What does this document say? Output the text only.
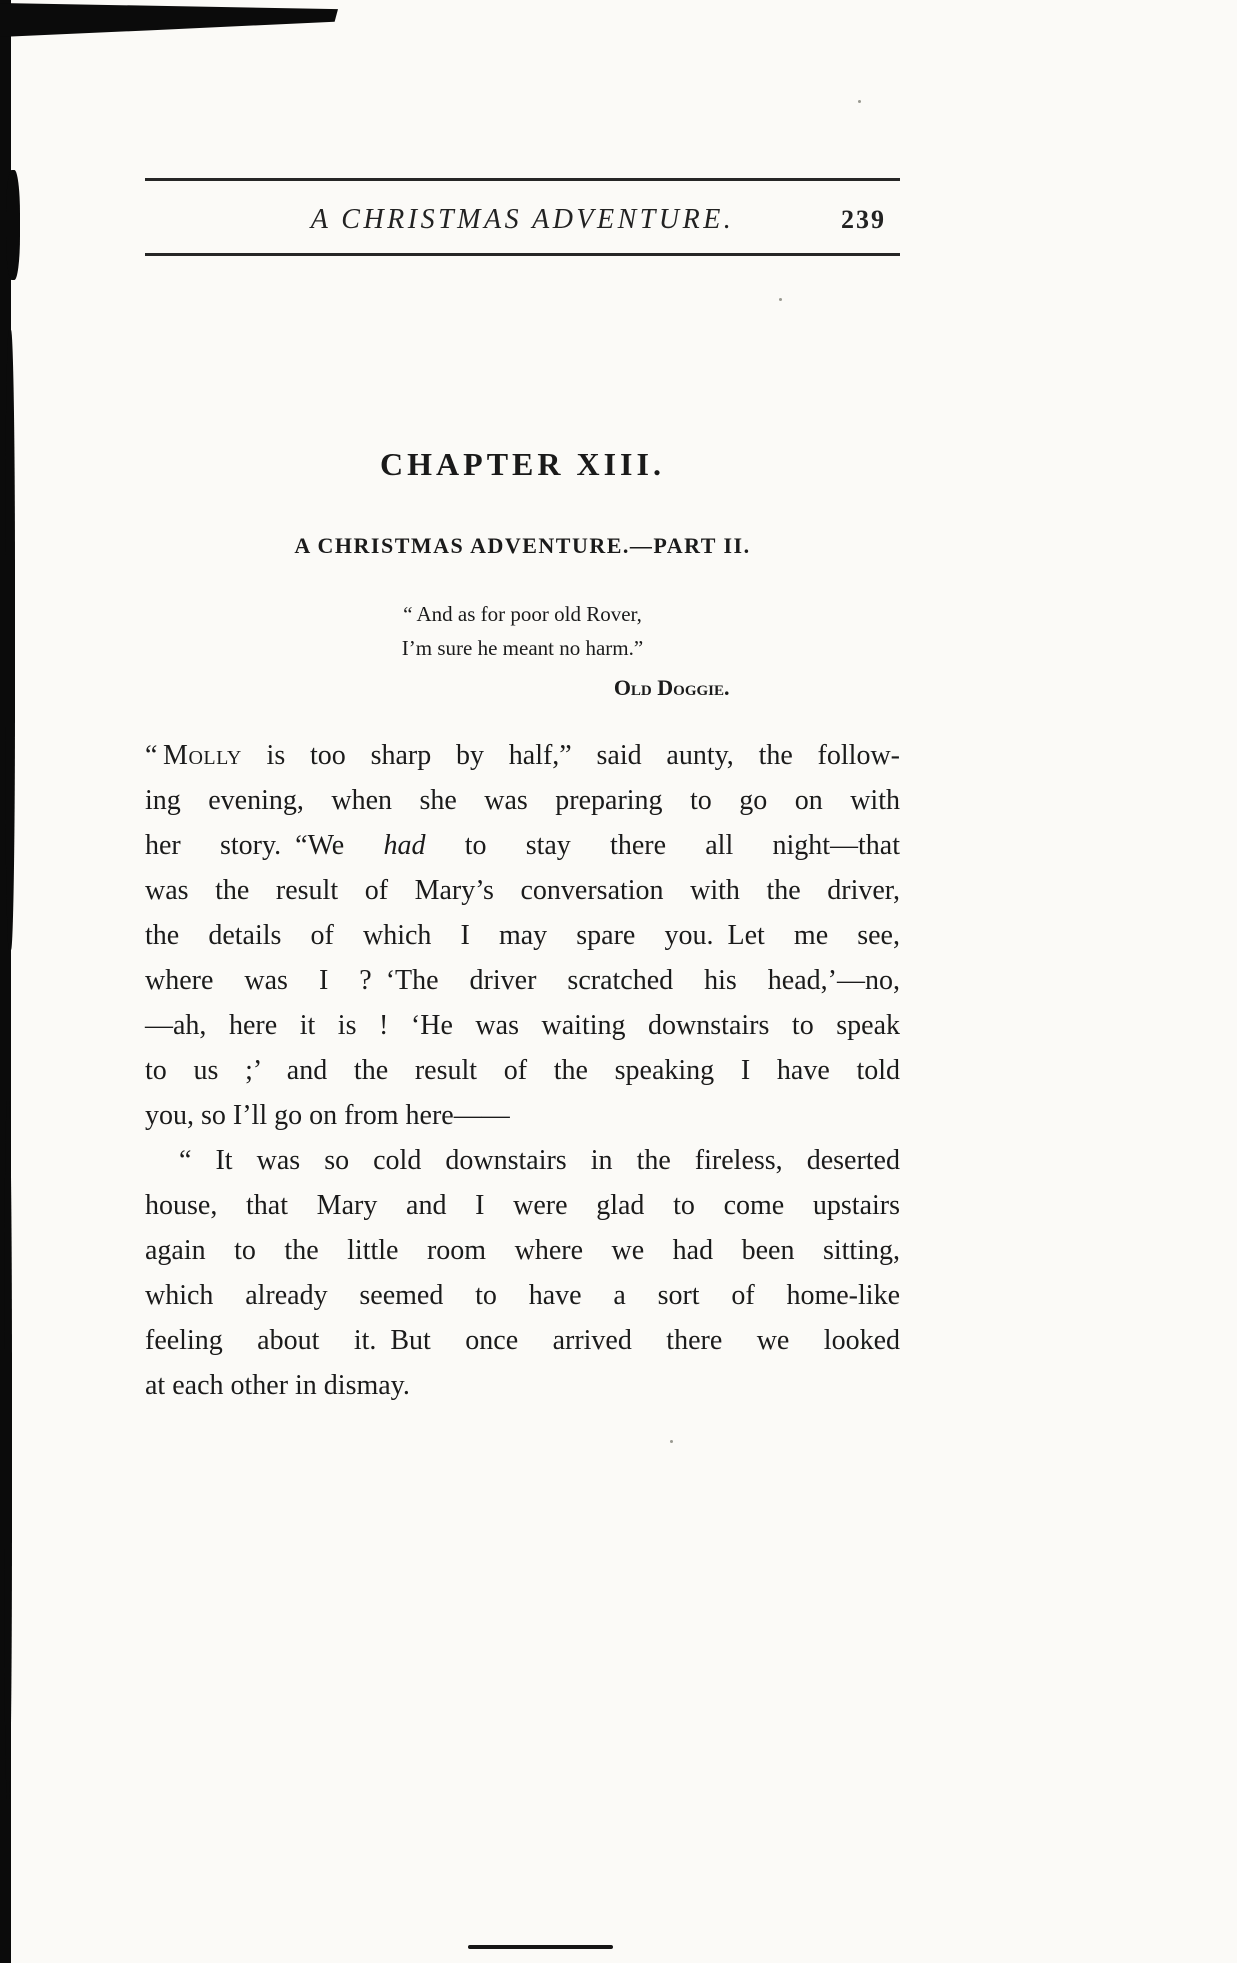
A CHRISTMAS ADVENTURE.	239
CHAPTER XIII.
A CHRISTMAS ADVENTURE.—PART II.
“ And as for poor old Rover,
I’m sure he meant no harm.”
Old Doggie.
“ Molly is too sharp by half,” said aunty, the follow-
ing evening, when she was preparing to go on with
her story. “We had to stay there all night—that
was the result of Mary’s conversation with the driver,
the details of which I may spare you. Let me see,
where was I ? ‘The driver scratched his head,’—no,
—ah, here it is ! ‘He was waiting downstairs to speak
to us ;’ and the result of the speaking I have told
you, so I’ll go on from here——
“ It was so cold downstairs in the fireless, deserted
house, that Mary and I were glad to come upstairs
again to the little room where we had been sitting,
which already seemed to have a sort of home-like
feeling about it. But once arrived there we looked
at each other in dismay.
